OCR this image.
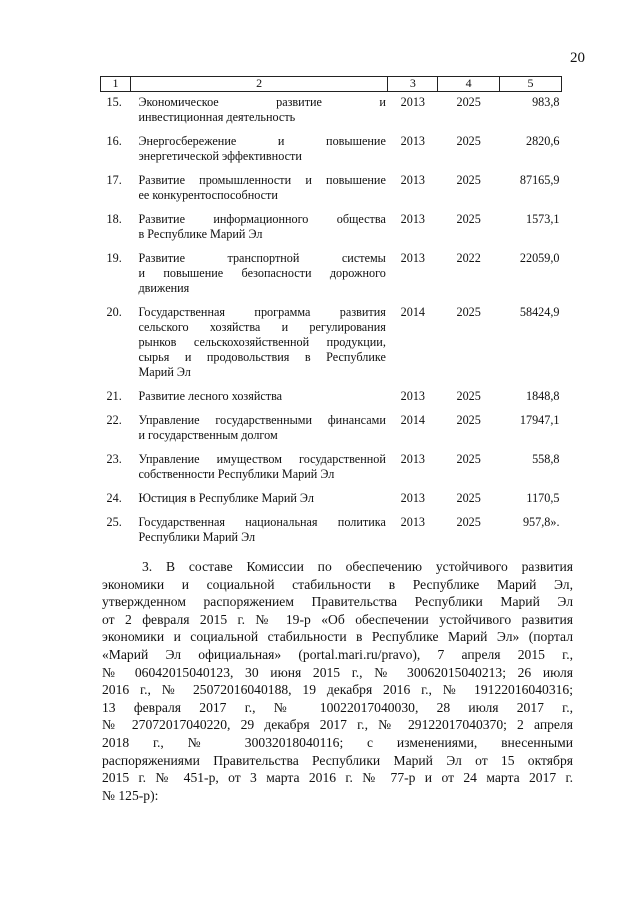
20
1	2	3	4	5
15.	Экономическое развитие и
инвестиционная деятельность	2013	2025	983,8
16.	Энергосбережение и повышение
энергетической эффективности	2013	2025	2820,6
17.	Развитие промышленности и повышение
ее конкурентоспособности	2013	2025	87165,9
18.	Развитие информационного общества
в Республике Марий Эл	2013	2025	1573,1
19.	Развитие транспортной системы
и повышение безопасности дорожного
движения	2013	2022	22059,0
20.	Государственная программа развития
сельского хозяйства и регулирования
рынков сельскохозяйственной продукции,
сырья и продовольствия в Республике
Марий Эл	2014	2025	58424,9
21.	Развитие лесного хозяйства	2013	2025	1848,8
22.	Управление государственными финансами
и государственным долгом	2014	2025	17947,1
23.	Управление имуществом государственной
собственности Республики Марий Эл	2013	2025	558,8
24.	Юстиция в Республике Марий Эл	2013	2025	1170,5
25.	Государственная национальная политика
Республики Марий Эл	2013	2025	957,8».
3. В составе Комиссии по обеспечению устойчивого развития
экономики и социальной стабильности в Республике Марий Эл,
утвержденном распоряжением Правительства Республики Марий Эл
от 2 февраля 2015 г. № 19-р «Об обеспечении устойчивого развития
экономики и социальной стабильности в Республике Марий Эл» (портал
«Марий Эл официальная» (portal.mari.ru/pravo), 7 апреля 2015 г.,
№ 06042015040123, 30 июня 2015 г., № 30062015040213; 26 июля
2016 г., № 25072016040188, 19 декабря 2016 г., № 19122016040316;
13 февраля 2017 г., № 10022017040030, 28 июля 2017 г.,
№ 27072017040220, 29 декабря 2017 г., № 29122017040370; 2 апреля
2018 г., № 30032018040116; с изменениями, внесенными
распоряжениями Правительства Республики Марий Эл от 15 октября
2015 г. № 451-р, от 3 марта 2016 г. № 77-р и от 24 марта 2017 г.
№ 125-р):
